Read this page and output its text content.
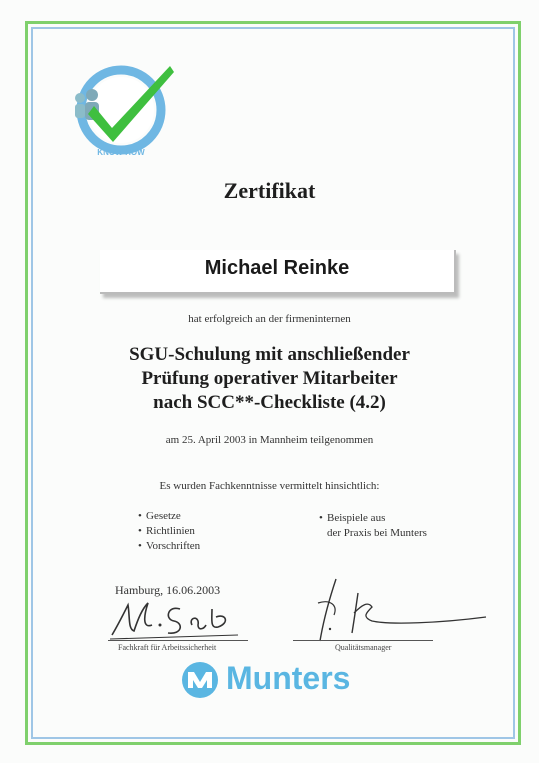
KNOW-HOW
Zertifikat
Michael Reinke
hat erfolgreich an der firmeninternen
SGU-Schulung mit anschließender
Prüfung operativer Mitarbeiter
nach SCC**-Checkliste (4.2)
am 25. April 2003 in Mannheim teilgenommen
Es wurden Fachkenntnisse vermittelt hinsichtlich:
• Gesetze
• Richtlinien
• Vorschriften
• Beispiele aus
der Praxis bei Munters
Hamburg, 16.06.2003
Fachkraft für Arbeitssicherheit	Qualitätsmanager
Munters
